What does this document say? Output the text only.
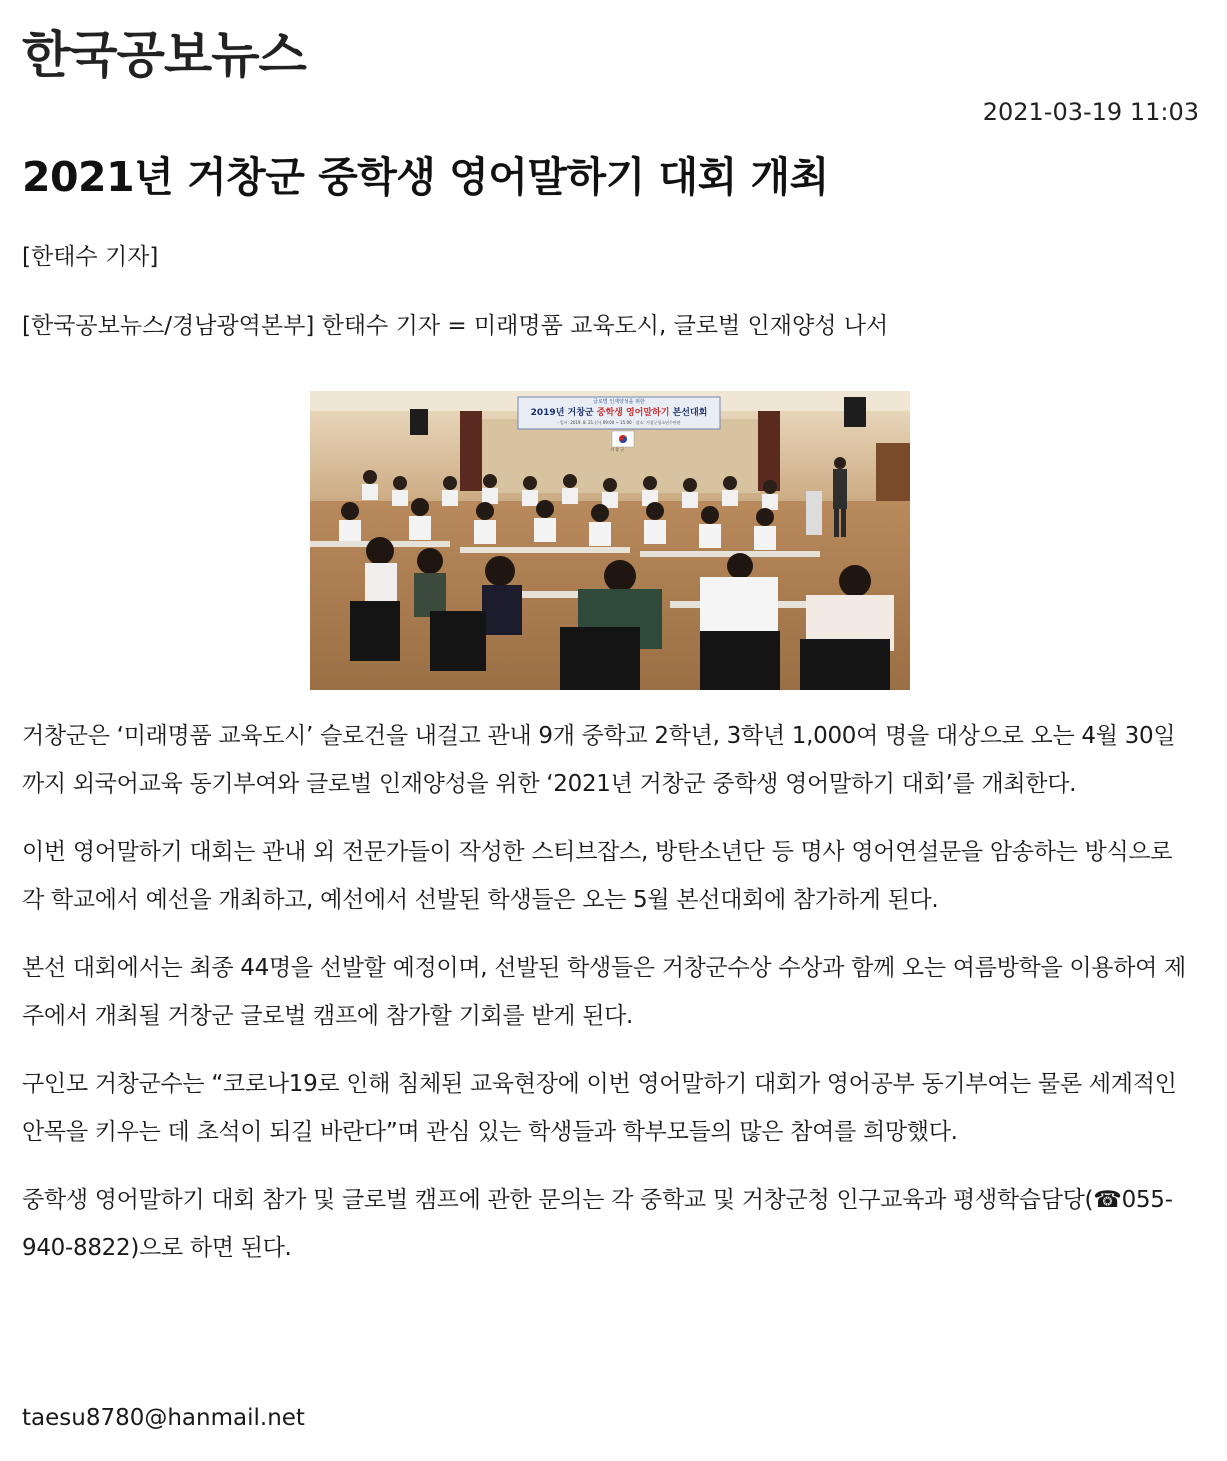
한국공보뉴스
2021-03-19 11:03
2021년 거창군 중학생 영어말하기 대회 개최

[한태수 기자]

[한국공보뉴스/경남광역본부] 한태수 기자 = 미래명품 교육도시, 글로벌 인재양성 나서

글로벌 인재양성을 위한
2019년 거창군 중학생 영어말하기 본선대회
· 일시: 2019. 8. 21.(수) 09:00 ~ 15:00 · 장소: 거창군청소년수련관
거 창 군

거창군은 ‘미래명품 교육도시’ 슬로건을 내걸고 관내 9개 중학교 2학년, 3학년 1,000여 명을 대상으로 오는 4월 30일까지 외국어교육 동기부여와 글로벌 인재양성을 위한 ‘2021년 거창군 중학생 영어말하기 대회’를 개최한다.

이번 영어말하기 대회는 관내 외 전문가들이 작성한 스티브잡스, 방탄소년단 등 명사 영어연설문을 암송하는 방식으로 각 학교에서 예선을 개최하고, 예선에서 선발된 학생들은 오는 5월 본선대회에 참가하게 된다.

본선 대회에서는 최종 44명을 선발할 예정이며, 선발된 학생들은 거창군수상 수상과 함께 오는 여름방학을 이용하여 제주에서 개최될 거창군 글로벌 캠프에 참가할 기회를 받게 된다.

구인모 거창군수는 “코로나19로 인해 침체된 교육현장에 이번 영어말하기 대회가 영어공부 동기부여는 물론 세계적인 안목을 키우는 데 초석이 되길 바란다”며 관심 있는 학생들과 학부모들의 많은 참여를 희망했다.

중학생 영어말하기 대회 참가 및 글로벌 캠프에 관한 문의는 각 중학교 및 거창군청 인구교육과 평생학습담당(☎055-940-8822)으로 하면 된다.

taesu8780@hanmail.net
